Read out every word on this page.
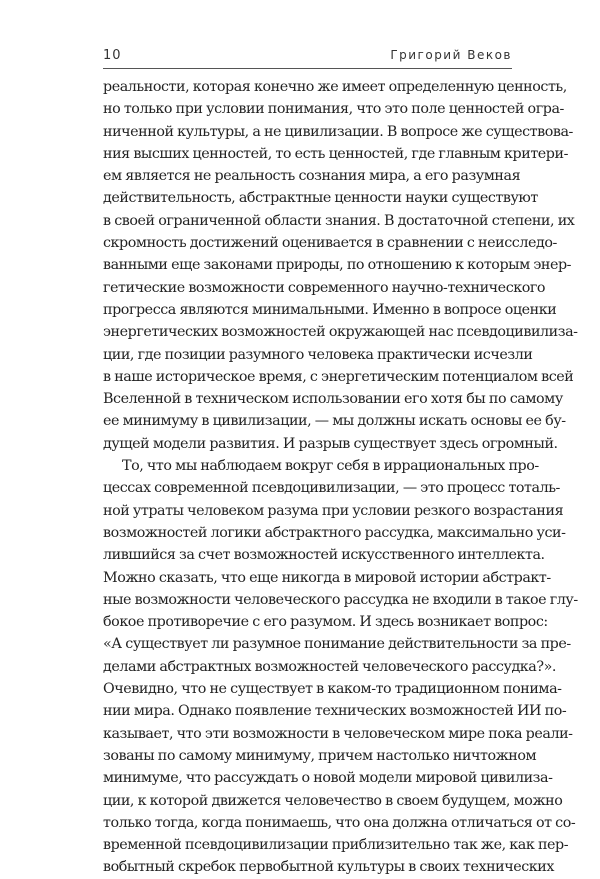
10	Григорий Веков
реальности, которая конечно же имеет определенную ценность,
но только при условии понимания, что это поле ценностей огра-
ниченной культуры, а не цивилизации. В вопросе же существова-
ния высших ценностей, то есть ценностей, где главным критери-
ем является не реальность сознания мира, а его разумная
действительность, абстрактные ценности науки существуют
в своей ограниченной области знания. В достаточной степени, их
скромность достижений оценивается в сравнении с неисследо-
ванными еще законами природы, по отношению к которым энер-
гетические возможности современного научно-технического
прогресса являются минимальными. Именно в вопросе оценки
энергетических возможностей окружающей нас псевдоцивилиза-
ции, где позиции разумного человека практически исчезли
в наше историческое время, с энергетическим потенциалом всей
Вселенной в техническом использовании его хотя бы по самому
ее минимуму в цивилизации, — мы должны искать основы ее бу-
дущей модели развития. И разрыв существует здесь огромный.
То, что мы наблюдаем вокруг себя в иррациональных про-
цессах современной псевдоцивилизации, — это процесс тоталь-
ной утраты человеком разума при условии резкого возрастания
возможностей логики абстрактного рассудка, максимально уси-
лившийся за счет возможностей искусственного интеллекта.
Можно сказать, что еще никогда в мировой истории абстракт-
ные возможности человеческого рассудка не входили в такое глу-
бокое противоречие с его разумом. И здесь возникает вопрос:
«А существует ли разумное понимание действительности за пре-
делами абстрактных возможностей человеческого рассудка?».
Очевидно, что не существует в каком-то традиционном понима-
нии мира. Однако появление технических возможностей ИИ по-
казывает, что эти возможности в человеческом мире пока реали-
зованы по самому минимуму, причем настолько ничтожном
минимуме, что рассуждать о новой модели мировой цивилиза-
ции, к которой движется человечество в своем будущем, можно
только тогда, когда понимаешь, что она должна отличаться от со-
временной псевдоцивилизации приблизительно так же, как пер-
вобытный скребок первобытной культуры в своих технических
